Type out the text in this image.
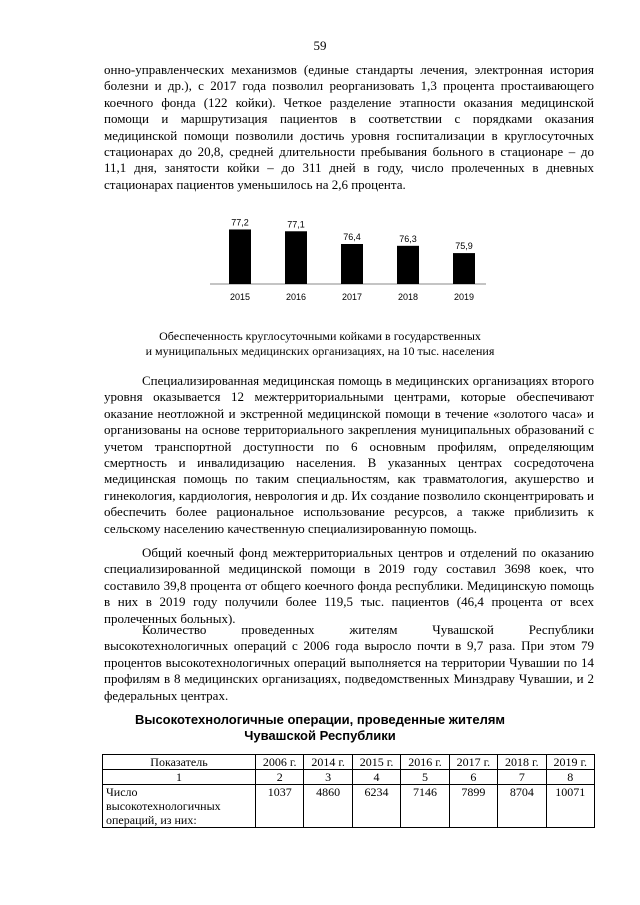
59

онно-управленческих механизмов (единые стандарты лечения, электронная история болезни и др.), с 2017 года позволил реорганизовать 1,3 процента простаивающего коечного фонда (122 койки). Четкое разделение этапности оказания медицинской помощи и маршрутизация пациентов в соответствии с порядками оказания медицинской помощи позволили достичь уровня госпитализации в круглосуточных стационарах до 20,8, средней длительности пребывания больного в стационаре – до 11,1 дня, занятости койки – до 311 дней в году, число пролеченных в дневных стационарах пациентов уменьшилось на 2,6 процента.

77,2
2015
77,1
2016
76,4
2017
76,3
2018
75,9
2019
Обеспеченность круглосуточными койками в государственных
и муниципальных медицинских организациях, на 10 тыс. населения

Специализированная медицинская помощь в медицинских организациях второго уровня оказывается 12 межтерриториальными центрами, которые обеспечивают оказание неотложной и экстренной медицинской помощи в течение «золотого часа» и организованы на основе территориального закрепления муниципальных образований с учетом транспортной доступности по 6 основным профилям, определяющим смертность и инвалидизацию населения. В указанных центрах сосредоточена медицинская помощь по таким специальностям, как травматология, акушерство и гинекология, кардиология, неврология и др. Их создание позволило сконцентрировать и обеспечить более рациональное использование ресурсов, а также приблизить к сельскому населению качественную специализированную помощь.

Общий коечный фонд межтерриториальных центров и отделений по оказанию специализированной медицинской помощи в 2019 году составил 3698 коек, что составило 39,8 процента от общего коечного фонда республики. Медицинскую помощь в них в 2019 году получили более 119,5 тыс. пациентов (46,4 процента от всех пролеченных больных).

Количество проведенных жителям Чувашской Республики высокотехнологичных операций с 2006 года выросло почти в 9,7 раза. При этом 79 процентов высокотехнологичных операций выполняется на территории Чувашии по 14 профилям в 8 медицинских организациях, подведомственных Минздраву Чувашии, и 2 федеральных центрах.

Высокотехнологичные операции, проведенные жителям
Чувашской Республики
Показатель	2006 г.	2014 г.	2015 г.	2016 г.	2017 г.	2018 г.	2019 г.
1	2	3	4	5	6	7	8
Число высокотехнологичных операций, из них:	1037	4860	6234	7146	7899	8704	10071
